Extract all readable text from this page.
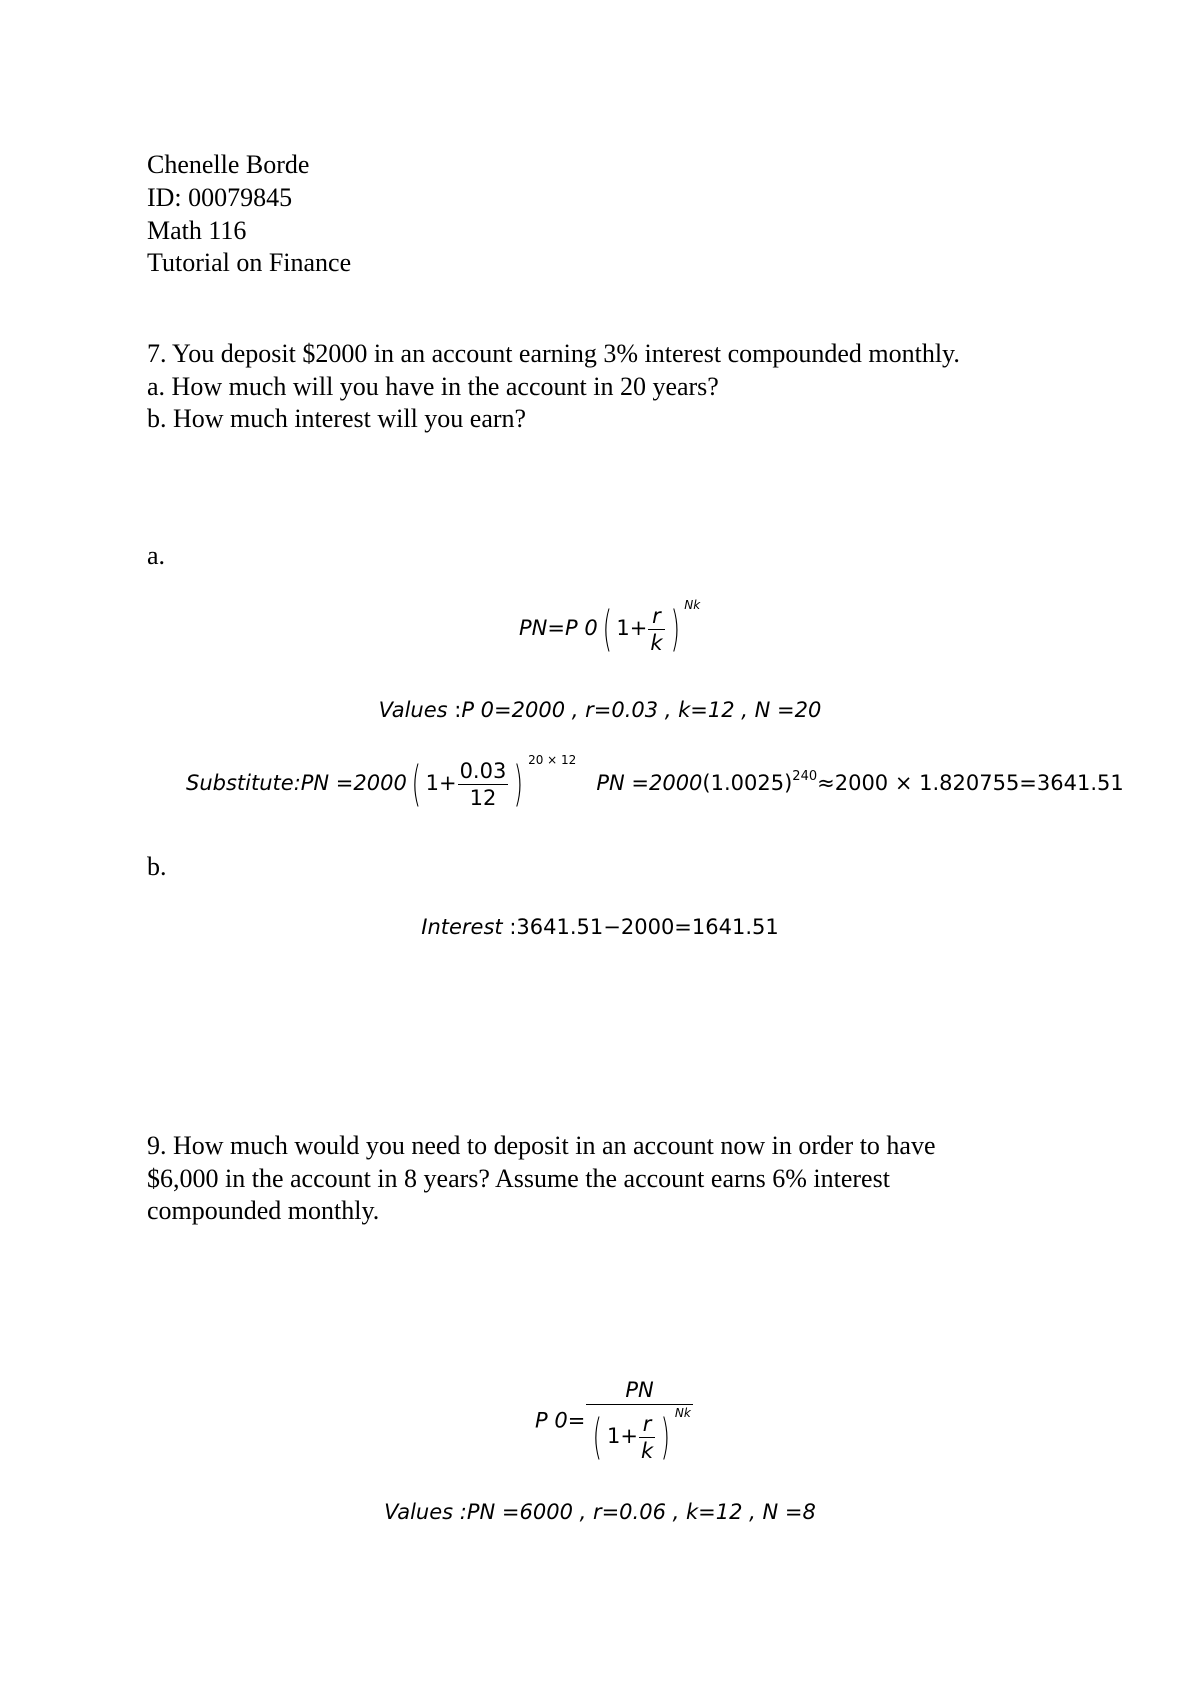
Chenelle Borde
ID: 00079845
Math 116
Tutorial on Finance
7. You deposit $2000 in an account earning 3% interest compounded monthly.
a. How much will you have in the account in 20 years?
b. How much interest will you earn?
a.
PN=P 0( $1+ \frac{r}{k}$ ) $^{Nk}$
Values :P 0=2000 , r=0.03 , k=12 , N =20
Substitute:PN =2000( $1+ \frac{0.03}{12}$ ) $^{20 \times 12}$   PN $=2000(1.0025)^{240}\approx 2000 \times 1.820755=3641.51$
b.
Interest :3641.51−2000=1641.51
9. How much would you need to deposit in an account now in order to have
$6,000 in the account in 8 years? Assume the account earns 6% interest
compounded monthly.
P $0= \frac{PN}{( 1+ \frac{r}{k} ) ^{Nk}}$
Values :PN =6000 , r=0.06 , k=12 , N =8
